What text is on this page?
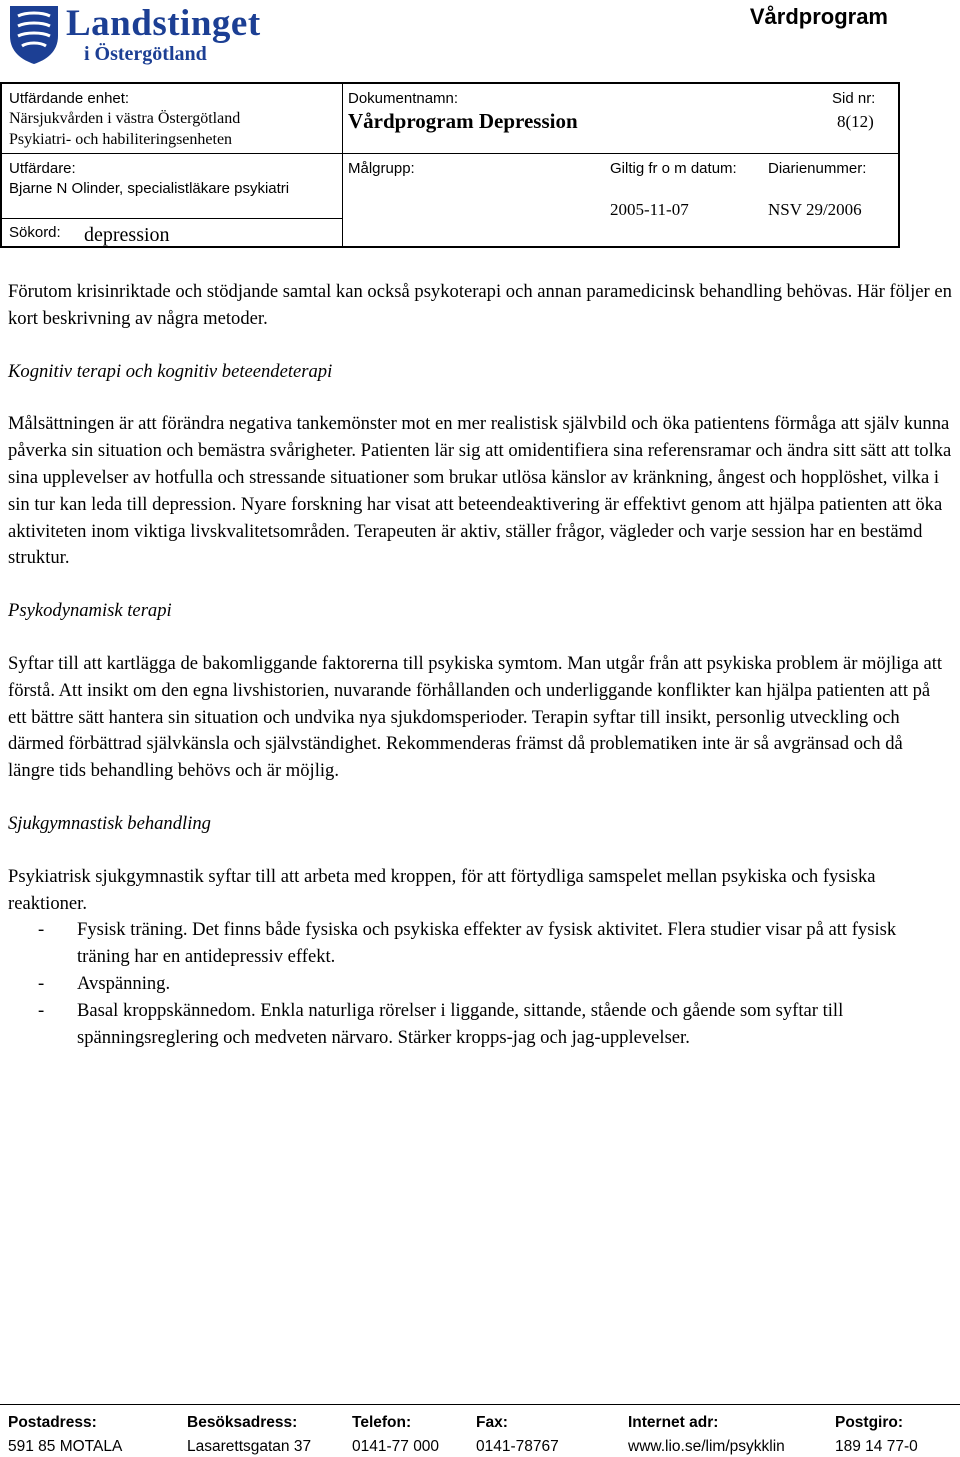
Landstinget
i Östergötland
Vårdprogram
Utfärdande enhet:
Närsjukvården i västra Östergötland
Psykiatri- och habiliteringsenheten
Utfärdare:
Bjarne N Olinder, specialistläkare psykiatri
Sökord: depression
Dokumentnamn:
Vårdprogram Depression
Sid nr:
8(12)
Målgrupp:	Giltig fr o m datum:
2005-11-07
Diarienummer:
NSV 29/2006

Förutom krisinriktade och stödjande samtal kan också psykoterapi och annan paramedicinsk behandling behövas. Här följer en kort beskrivning av några metoder.

Kognitiv terapi och kognitiv beteendeterapi

Målsättningen är att förändra negativa tankemönster mot en mer realistisk självbild och öka patientens förmåga att själv kunna påverka sin situation och bemästra svårigheter. Patienten lär sig att omidentifiera sina referensramar och ändra sitt sätt att tolka sina upplevelser av hotfulla och stressande situationer som brukar utlösa känslor av kränkning, ångest och hopplöshet, vilka i sin tur kan leda till depression. Nyare forskning har visat att beteendeaktivering är effektivt genom att hjälpa patienten att öka aktiviteten inom viktiga livskvalitetsområden. Terapeuten är aktiv, ställer frågor, vägleder och varje session har en bestämd struktur.

Psykodynamisk terapi

Syftar till att kartlägga de bakomliggande faktorerna till psykiska symtom. Man utgår från att psykiska problem är möjliga att förstå. Att insikt om den egna livshistorien, nuvarande förhållanden och underliggande konflikter kan hjälpa patienten att på ett bättre sätt hantera sin situation och undvika nya sjukdomsperioder. Terapin syftar till insikt, personlig utveckling och därmed förbättrad självkänsla och självständighet. Rekommenderas främst då problematiken inte är så avgränsad och då längre tids behandling behövs och är möjlig.

Sjukgymnastisk behandling

Psykiatrisk sjukgymnastik syftar till att arbeta med kroppen, för att förtydliga samspelet mellan psykiska och fysiska reaktioner.

- Fysisk träning. Det finns både fysiska och psykiska effekter av fysisk aktivitet. Flera studier visar på att fysisk träning har en antidepressiv effekt.
- Avspänning.
- Basal kroppskännedom. Enkla naturliga rörelser i liggande, sittande, stående och gående som syftar till spänningsreglering och medveten närvaro. Stärker kropps-jag och jag-upplevelser.
Postadress:
591 85 MOTALA
Besöksadress:
Lasarettsgatan 37
Telefon:
0141-77 000
Fax:
0141-78767
Internet adr:
www.lio.se/lim/psykklin
Postgiro:
189 14 77-0
